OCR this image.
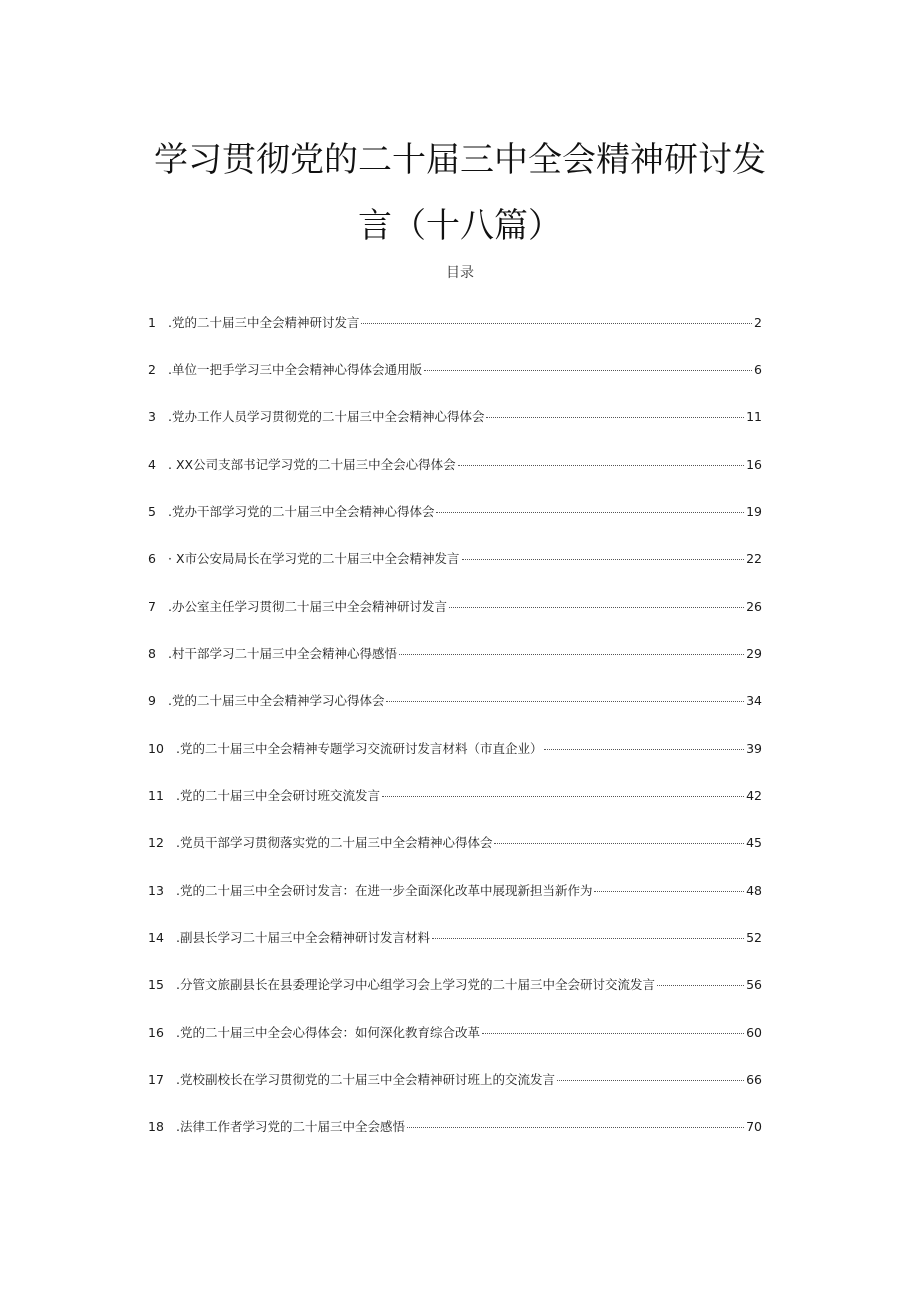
学习贯彻党的二十届三中全会精神研讨发
言（十八篇）
目录
1 .党的二十届三中全会精神研讨发言	2
2 .单位一把手学习三中全会精神心得体会通用版	6
3 .党办工作人员学习贯彻党的二十届三中全会精神心得体会	11
4 . XX公司支部书记学习党的二十届三中全会心得体会	16
5 .党办干部学习党的二十届三中全会精神心得体会	19
6 · X市公安局局长在学习党的二十届三中全会精神发言	22
7 .办公室主任学习贯彻二十届三中全会精神研讨发言	26
8 .村干部学习二十届三中全会精神心得感悟	29
9 .党的二十届三中全会精神学习心得体会	34
10 .党的二十届三中全会精神专题学习交流研讨发言材料（市直企业）	39
11 .党的二十届三中全会研讨班交流发言	42
12 .党员干部学习贯彻落实党的二十届三中全会精神心得体会	45
13 .党的二十届三中全会研讨发言：在进一步全面深化改革中展现新担当新作为	48
14 .副县长学习二十届三中全会精神研讨发言材料	52
15 .分管文旅副县长在县委理论学习中心组学习会上学习党的二十届三中全会研讨交流发言	56
16 .党的二十届三中全会心得体会：如何深化教育综合改革	60
17 .党校副校长在学习贯彻党的二十届三中全会精神研讨班上的交流发言	66
18 .法律工作者学习党的二十届三中全会感悟	70
